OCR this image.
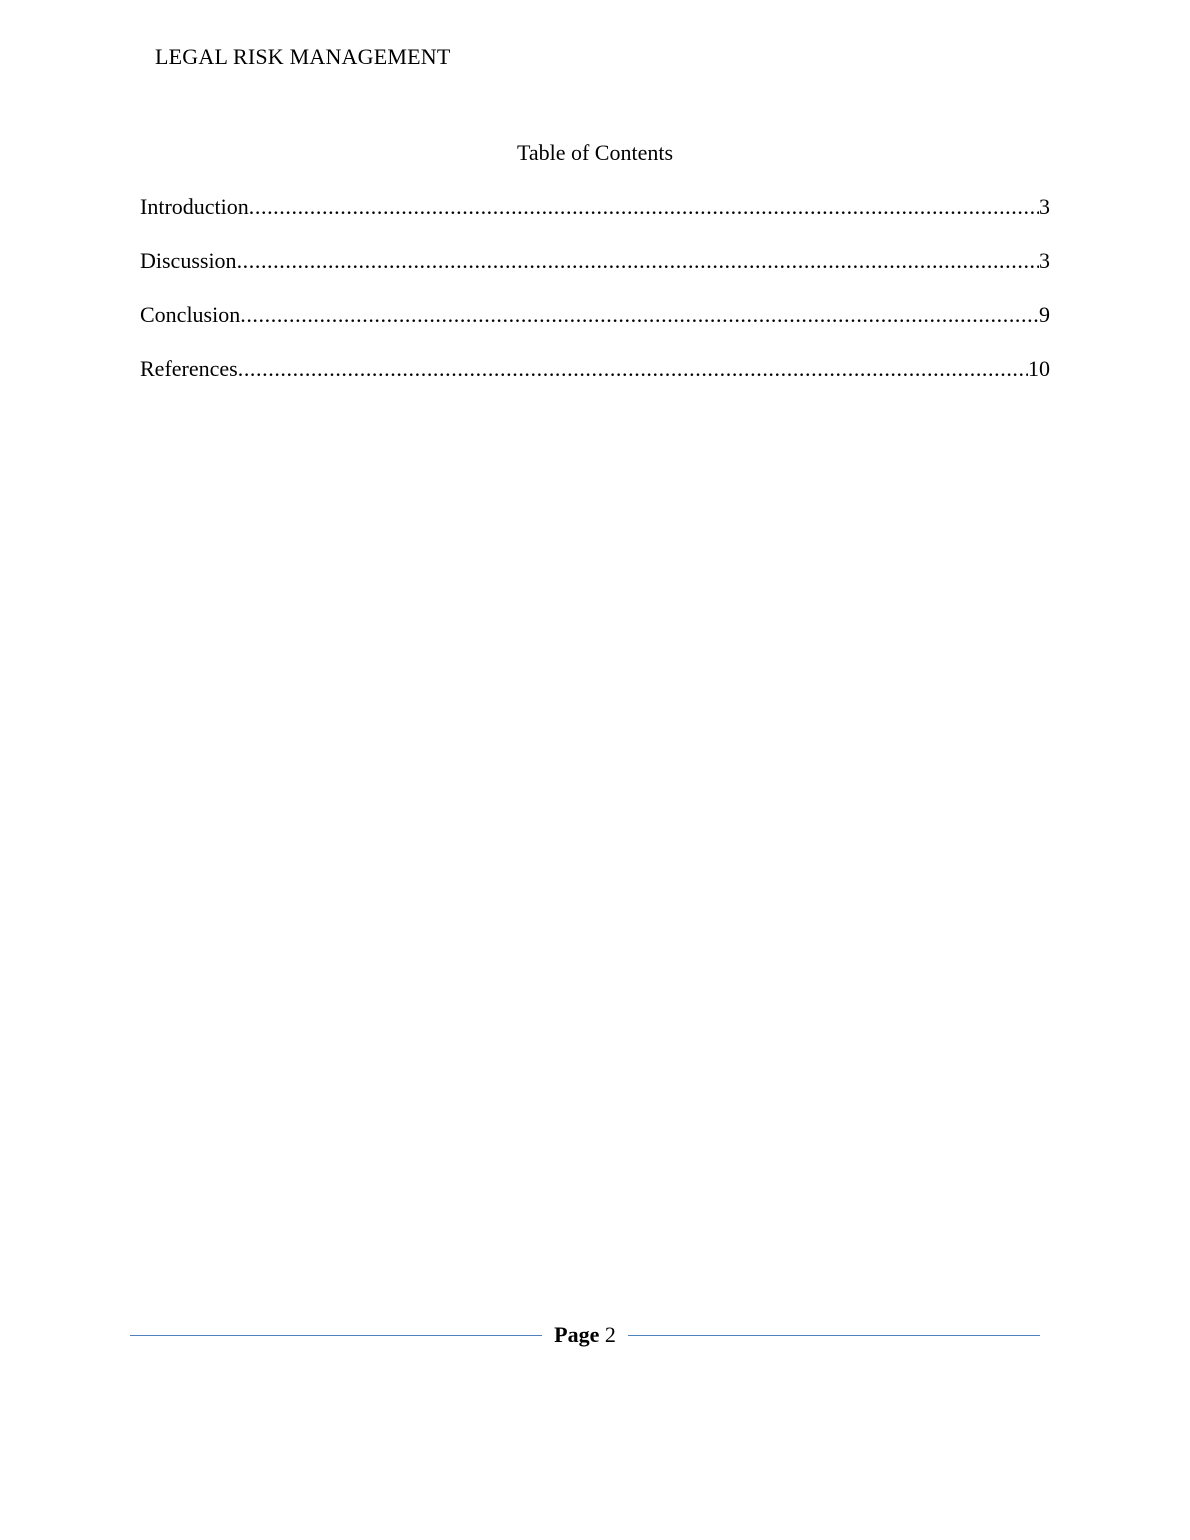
LEGAL RISK MANAGEMENT
Table of Contents
Introduction .....	3
Discussion .....	3
Conclusion .....	9
References .....	10
Page 2
